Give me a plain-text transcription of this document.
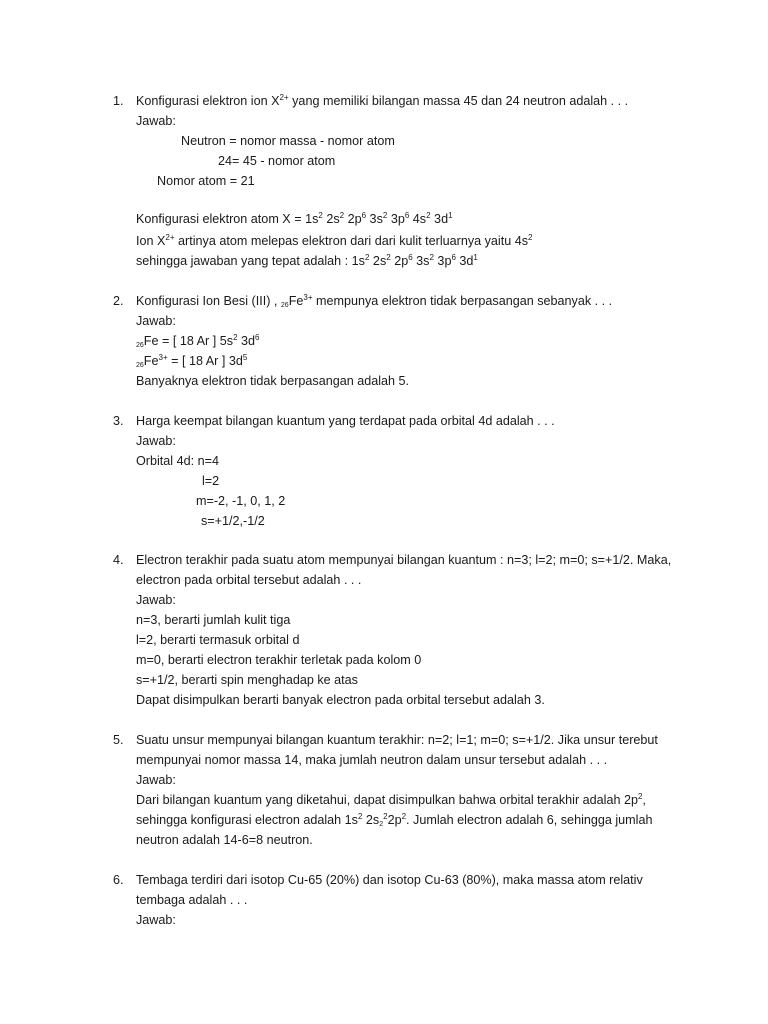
1. Konfigurasi elektron ion $X^{2+}$ yang memiliki bilangan massa 45 dan 24 neutron adalah . . .
Jawab:
Neutron = nomor massa - nomor atom
24= 45 - nomor atom
Nomor atom = 21
Konfigurasi elektron atom $X = 1s^2$ $2s^2$ $2p^6$ $3s^2$ $3p^6$ $4s^2$ $3d^1$
Ion $X^{2+}$ artinya atom melepas elektron dari dari kulit terluarnya yaitu $4s^2$
sehingga jawaban yang tepat adalah : $1s^2$ $2s^2$ $2p^6$ $3s^2$ $3p^6$ $3d^1$
2. Konfigurasi Ion Besi (III) , $_{26}Fe^{3+}$ mempunya elektron tidak berpasangan sebanyak . . .
Jawab:
$_{26}$Fe = [ 18 Ar ] $5s^2$ $3d^6$
$_{26}Fe^{3+}$ = [ 18 Ar ] $3d^5$
Banyaknya elektron tidak berpasangan adalah 5.
3. Harga keempat bilangan kuantum yang terdapat pada orbital 4d adalah . . .
Jawab:
Orbital 4d: n=4
l=2
m=-2, -1, 0, 1, 2
s=+1/2,-1/2
4. Electron terakhir pada suatu atom mempunyai bilangan kuantum : n=3; l=2; m=0; s=+1/2. Maka,
electron pada orbital tersebut adalah . . .
Jawab:
n=3, berarti jumlah kulit tiga
l=2, berarti termasuk orbital d
m=0, berarti electron terakhir terletak pada kolom 0
s=+1/2, berarti spin menghadap ke atas
Dapat disimpulkan berarti banyak electron pada orbital tersebut adalah 3.
5. Suatu unsur mempunyai bilangan kuantum terakhir: n=2; l=1; m=0; s=+1/2. Jika unsur terebut
mempunyai nomor massa 14, maka jumlah neutron dalam unsur tersebut adalah . . .
Jawab:
Dari bilangan kuantum yang diketahui, dapat disimpulkan bahwa orbital terakhir adalah $2p^2$,
sehingga konfigurasi electron adalah $1s^2$ $2s_2^22p^2$. Jumlah electron adalah 6, sehingga jumlah
neutron adalah 14-6=8 neutron.
6. Tembaga terdiri dari isotop Cu-65 (20%) dan isotop Cu-63 (80%), maka massa atom relativ
tembaga adalah . . .
Jawab:
